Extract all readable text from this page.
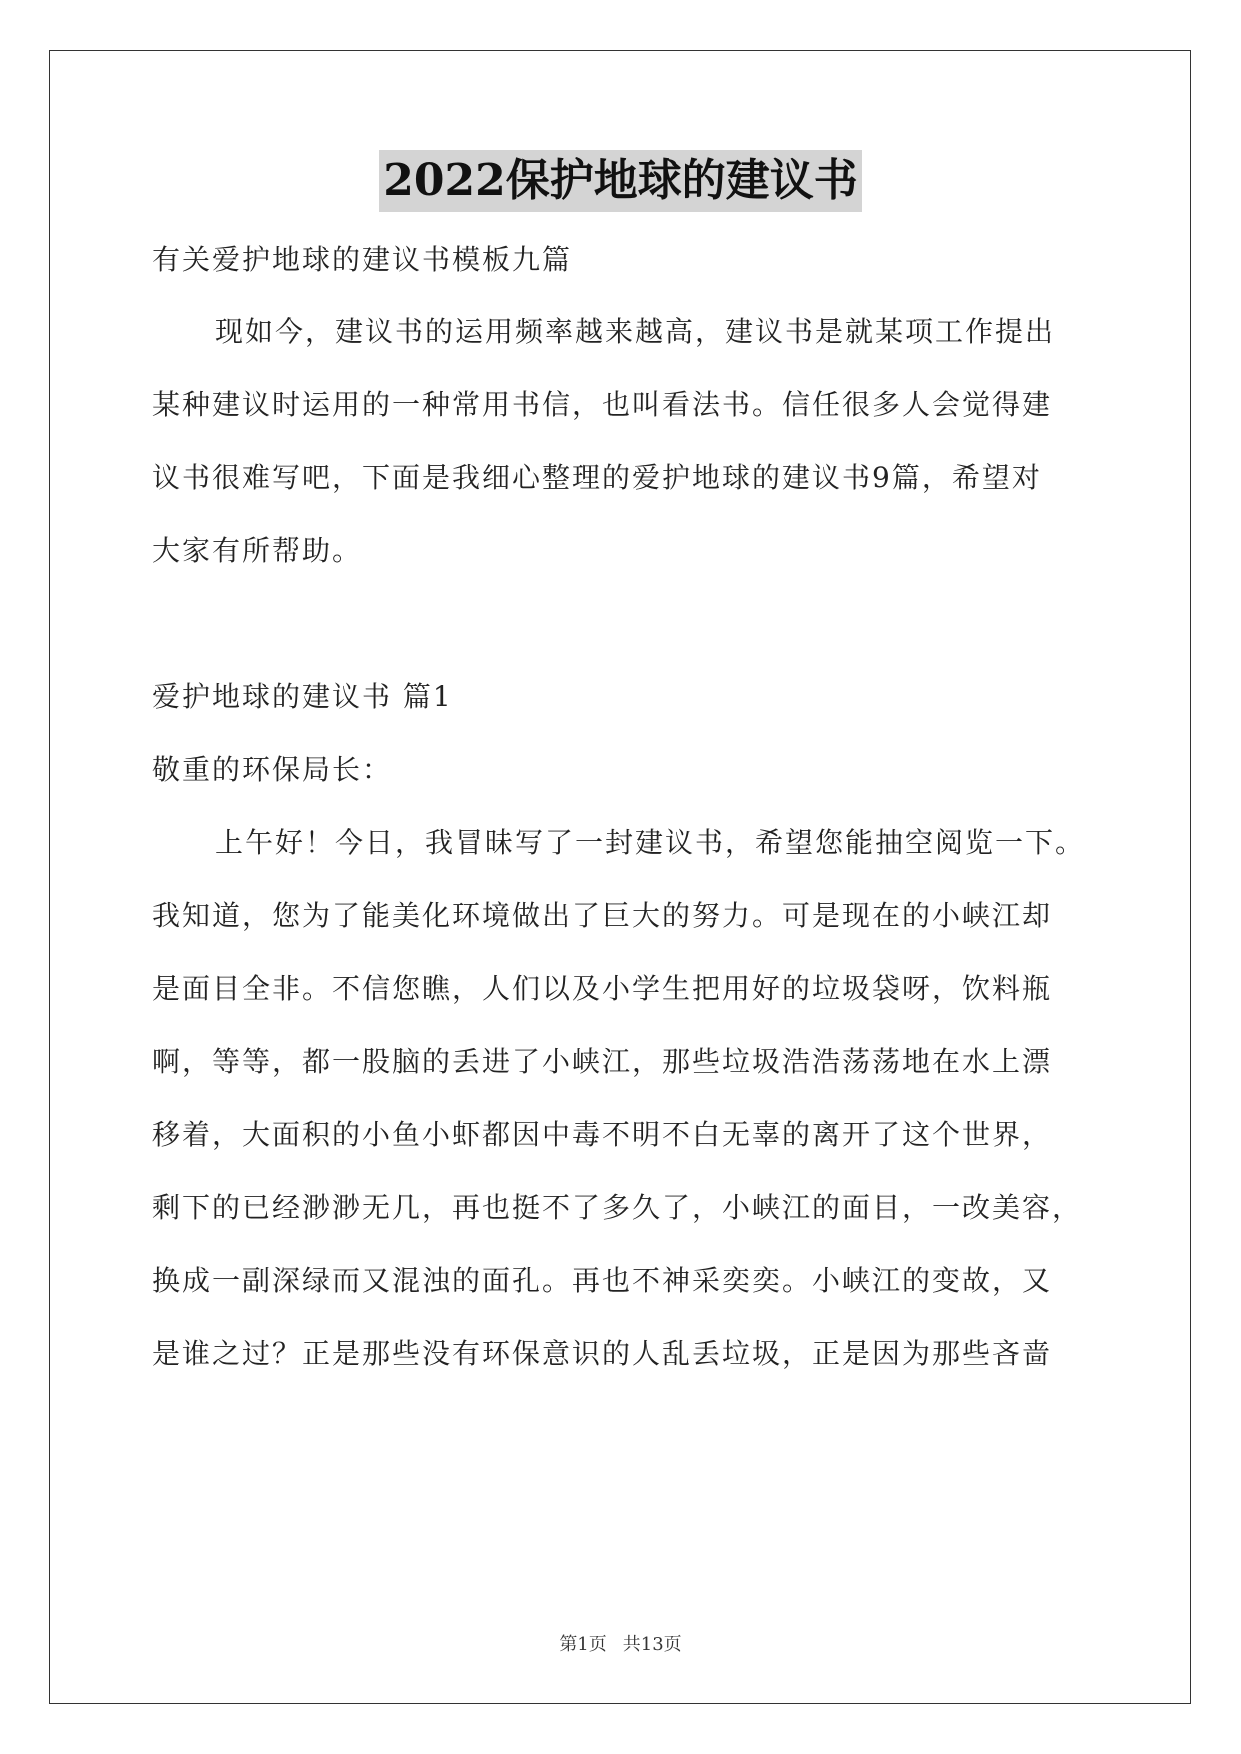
2022保护地球的建议书
有关爱护地球的建议书模板九篇
现如今，建议书的运用频率越来越高，建议书是就某项工作提出
某种建议时运用的一种常用书信，也叫看法书。信任很多人会觉得建
议书很难写吧，下面是我细心整理的爱护地球的建议书9篇，希望对
大家有所帮助。
爱护地球的建议书 篇1
敬重的环保局长：
上午好！今日，我冒昧写了一封建议书，希望您能抽空阅览一下。
我知道，您为了能美化环境做出了巨大的努力。可是现在的小峡江却
是面目全非。不信您瞧，人们以及小学生把用好的垃圾袋呀，饮料瓶
啊，等等，都一股脑的丢进了小峡江，那些垃圾浩浩荡荡地在水上漂
移着，大面积的小鱼小虾都因中毒不明不白无辜的离开了这个世界，
剩下的已经渺渺无几，再也挺不了多久了，小峡江的面目，一改美容，
换成一副深绿而又混浊的面孔。再也不神采奕奕。小峡江的变故，又
是谁之过？正是那些没有环保意识的人乱丢垃圾，正是因为那些吝啬
第1页 共13页
